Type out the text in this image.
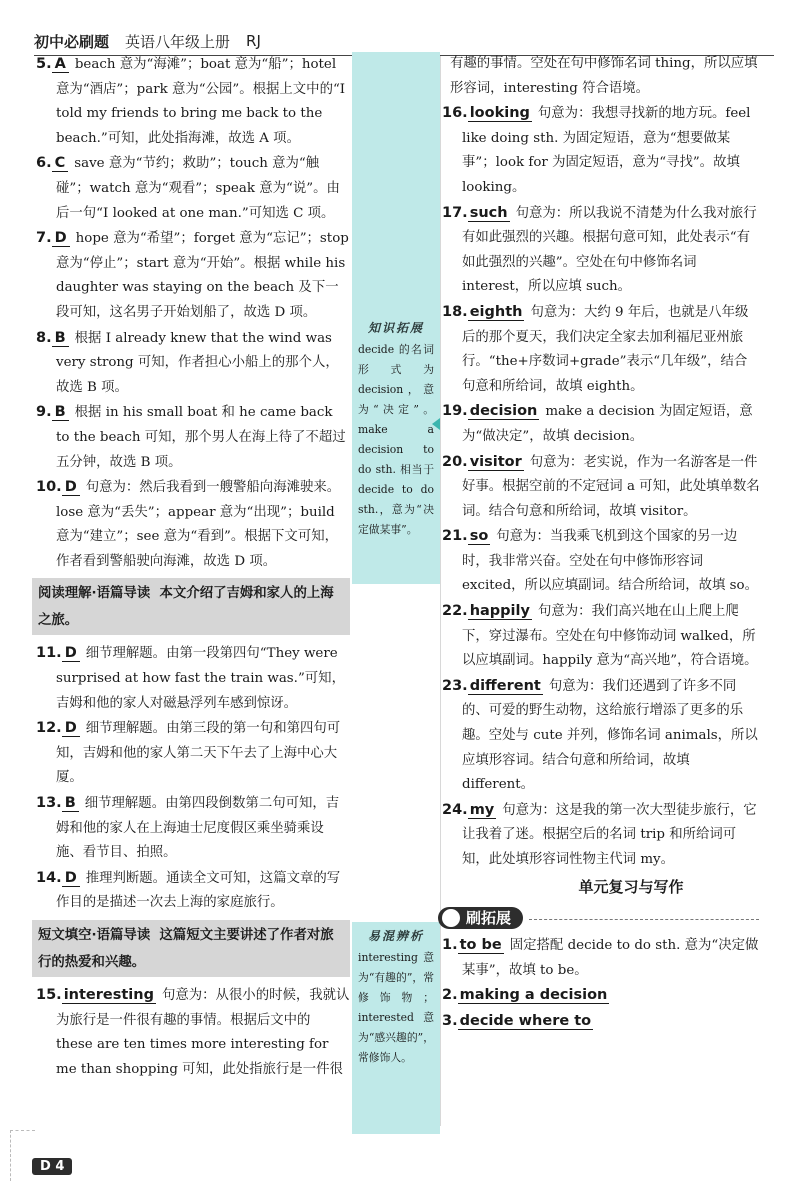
初中必刷题 英语八年级上册 RJ

5. A beach 意为“海滩”；boat 意为“船”；hotel 意为“酒店”；park 意为“公园”。根据上文中的“I told my friends to bring me back to the beach.”可知，此处指海滩，故选 A 项。

6. C save 意为“节约；救助”；touch 意为“触碰”；watch 意为“观看”；speak 意为“说”。由后一句“I looked at one man.”可知选 C 项。

7. D hope 意为“希望”；forget 意为“忘记”；stop 意为“停止”；start 意为“开始”。根据 while his daughter was staying on the beach 及下一段可知，这名男子开始划船了，故选 D 项。

8. B 根据 I already knew that the wind was very strong 可知，作者担心小船上的那个人，故选 B 项。

9. B 根据 in his small boat 和 he came back to the beach 可知，那个男人在海上待了不超过五分钟，故选 B 项。

10. D 句意为：然后我看到一艘警船向海滩驶来。lose 意为“丢失”；appear 意为“出现”；build 意为“建立”；see 意为“看到”。根据下文可知，作者看到警船驶向海滩，故选 D 项。

阅读理解·语篇导读 本文介绍了吉姆和家人的上海之旅。

11. D 细节理解题。由第一段第四句“They were surprised at how fast the train was.”可知，吉姆和他的家人对磁悬浮列车感到惊讶。

12. D 细节理解题。由第三段的第一句和第四句可知，吉姆和他的家人第二天下午去了上海中心大厦。

13. B 细节理解题。由第四段倒数第二句可知，吉姆和他的家人在上海迪士尼度假区乘坐骑乘设施、看节目、拍照。

14. D 推理判断题。通读全文可知，这篇文章的写作目的是描述一次去上海的家庭旅行。

短文填空·语篇导读 这篇短文主要讲述了作者对旅行的热爱和兴趣。

15. interesting 句意为：从很小的时候，我就认为旅行是一件很有趣的事情。根据后文中的 these are ten times more interesting for me than shopping 可知，此处指旅行是一件很

知识拓展

decide 的名词形式为 decision，意为“决定”。make a decision to do sth. 相当于 decide to do sth.，意为“决定做某事”。

易混辨析

interesting 意为“有趣的”，常修饰物；interested 意为“感兴趣的”，常修饰人。

有趣的事情。空处在句中修饰名词 thing，所以应填形容词，interesting 符合语境。

16. looking 句意为：我想寻找新的地方玩。feel like doing sth. 为固定短语，意为“想要做某事”；look for 为固定短语，意为“寻找”。故填 looking。

17. such 句意为：所以我说不清楚为什么我对旅行有如此强烈的兴趣。根据句意可知，此处表示“有如此强烈的兴趣”。空处在句中修饰名词 interest，所以应填 such。

18. eighth 句意为：大约 9 年后，也就是八年级后的那个夏天，我们决定全家去加利福尼亚州旅行。“the+序数词+grade”表示“几年级”，结合句意和所给词，故填 eighth。

19. decision make a decision 为固定短语，意为“做决定”，故填 decision。

20. visitor 句意为：老实说，作为一名游客是一件好事。根据空前的不定冠词 a 可知，此处填单数名词。结合句意和所给词，故填 visitor。

21. so 句意为：当我乘飞机到这个国家的另一边时，我非常兴奋。空处在句中修饰形容词 excited，所以应填副词。结合所给词，故填 so。

22. happily 句意为：我们高兴地在山上爬上爬下，穿过瀑布。空处在句中修饰动词 walked，所以应填副词。happily 意为“高兴地”，符合语境。

23. different 句意为：我们还遇到了许多不同的、可爱的野生动物，这给旅行增添了更多的乐趣。空处与 cute 并列，修饰名词 animals，所以应填形容词。结合句意和所给词，故填 different。

24. my 句意为：这是我的第一次大型徒步旅行，它让我着了迷。根据空后的名词 trip 和所给词可知，此处填形容词性物主代词 my。

单元复习与写作
刷拓展

1. to be 固定搭配 decide to do sth. 意为“决定做某事”，故填 to be。

2. making a decision

3. decide where to

D 4
